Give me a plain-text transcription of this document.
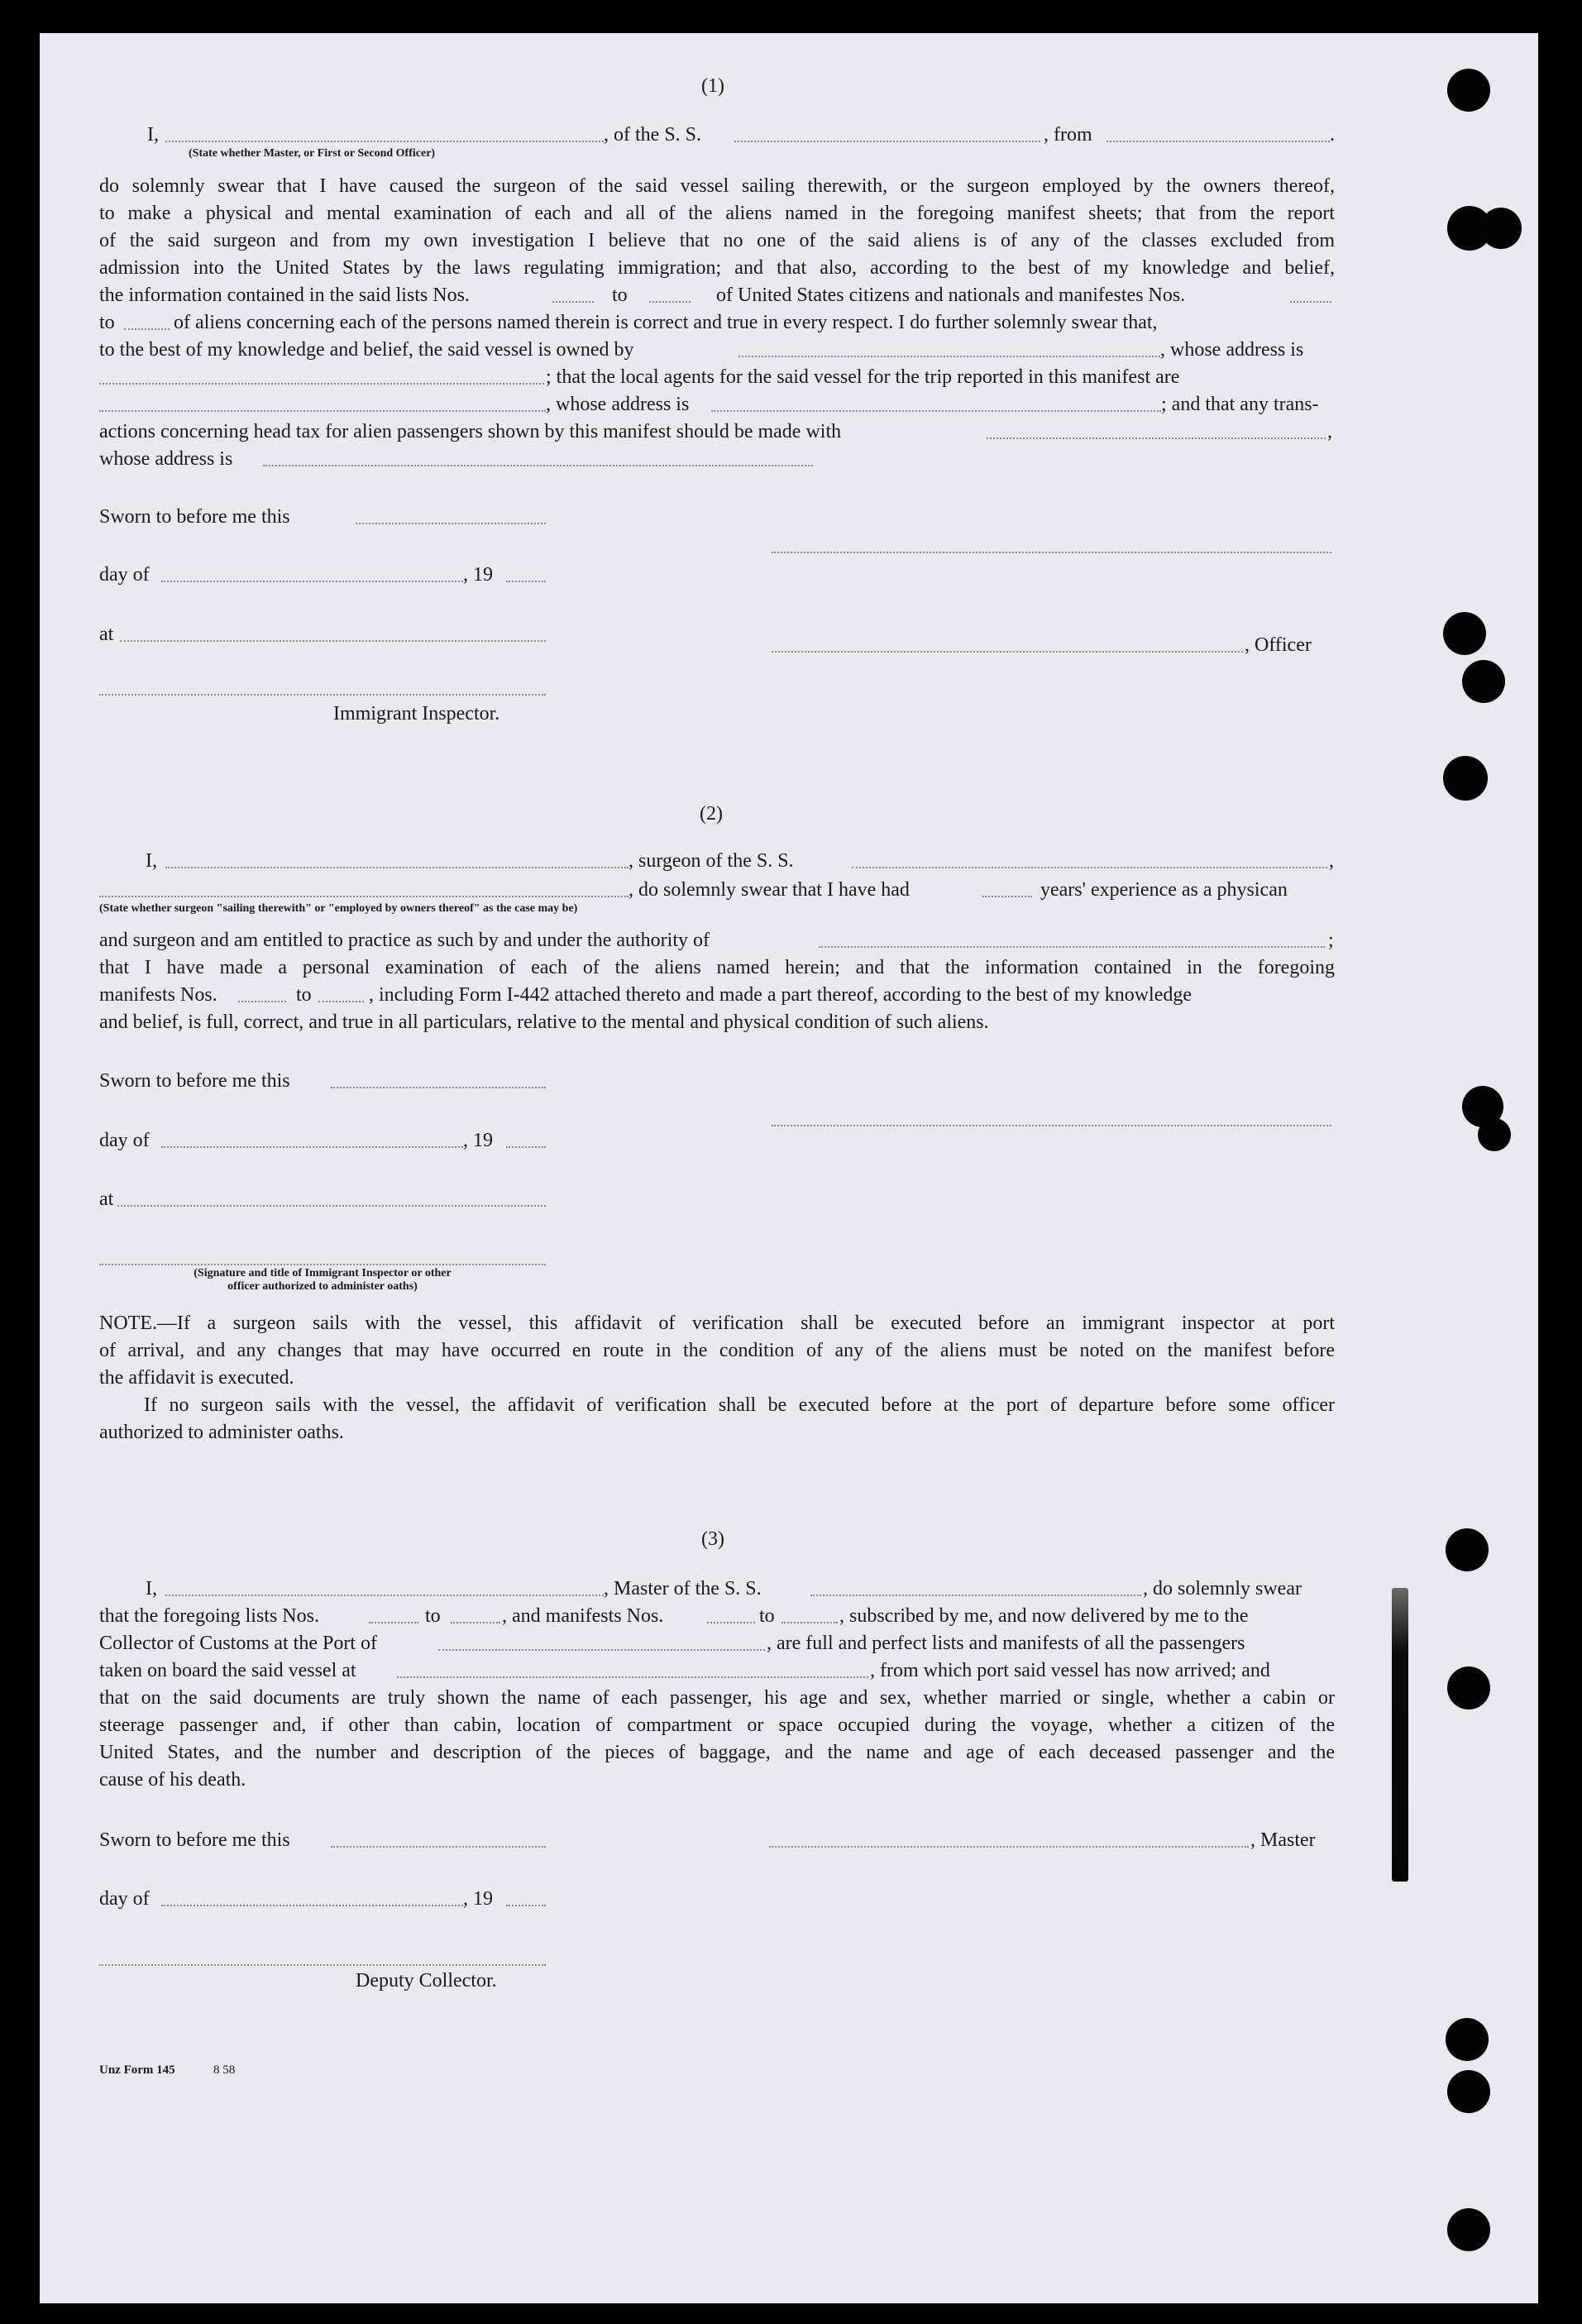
(1)
I,	, of the S. S.	, from	.
(State whether Master, or First or Second Officer)
do solemnly swear that I have caused the surgeon of the said vessel sailing therewith, or the surgeon employed by the owners thereof,
to make a physical and mental examination of each and all of the aliens named in the foregoing manifest sheets; that from the report
of the said surgeon and from my own investigation I believe that no one of the said aliens is of any of the classes excluded from
admission into the United States by the laws regulating immigration; and that also, according to the best of my knowledge and belief,
the information contained in the said lists Nos.	to	of United States citizens and nationals and manifestes Nos.
to	of aliens concerning each of the persons named therein is correct and true in every respect. I do further solemnly swear that,
to the best of my knowledge and belief, the said vessel is owned by	, whose address is
; that the local agents for the said vessel for the trip reported in this manifest are
, whose address is	; and that any trans-
actions concerning head tax for alien passengers shown by this manifest should be made with	,
whose address is
Sworn to before me this
day of	, 19
at	, Officer
Immigrant Inspector.
(2)
I,	, surgeon of the S. S.	,
, do solemnly swear that I have had	years' experience as a physican
(State whether surgeon "sailing therewith" or "employed by owners thereof" as the case may be)
and surgeon and am entitled to practice as such by and under the authority of	;
that I have made a personal examination of each of the aliens named herein; and that the information contained in the foregoing
manifests Nos.	to	, including Form I-442 attached thereto and made a part thereof, according to the best of my knowledge
and belief, is full, correct, and true in all particulars, relative to the mental and physical condition of such aliens.
Sworn to before me this
day of	, 19
at
(Signature and title of Immigrant Inspector or other
officer authorized to administer oaths)
NOTE.—If a surgeon sails with the vessel, this affidavit of verification shall be executed before an immigrant inspector at port
of arrival, and any changes that may have occurred en route in the condition of any of the aliens must be noted on the manifest before
the affidavit is executed.
If no surgeon sails with the vessel, the affidavit of verification shall be executed before at the port of departure before some officer
authorized to administer oaths.
(3)
I,	, Master of the S. S.	, do solemnly swear
that the foregoing lists Nos.	to	, and manifests Nos.	to	, subscribed by me, and now delivered by me to the
Collector of Customs at the Port of	, are full and perfect lists and manifests of all the passengers
taken on board the said vessel at	, from which port said vessel has now arrived; and
that on the said documents are truly shown the name of each passenger, his age and sex, whether married or single, whether a cabin or
steerage passenger and, if other than cabin, location of compartment or space occupied during the voyage, whether a citizen of the
United States, and the number and description of the pieces of baggage, and the name and age of each deceased passenger and the
cause of his death.
Sworn to before me this	, Master
day of	, 19
Deputy Collector.
Unz Form 145	8 58
